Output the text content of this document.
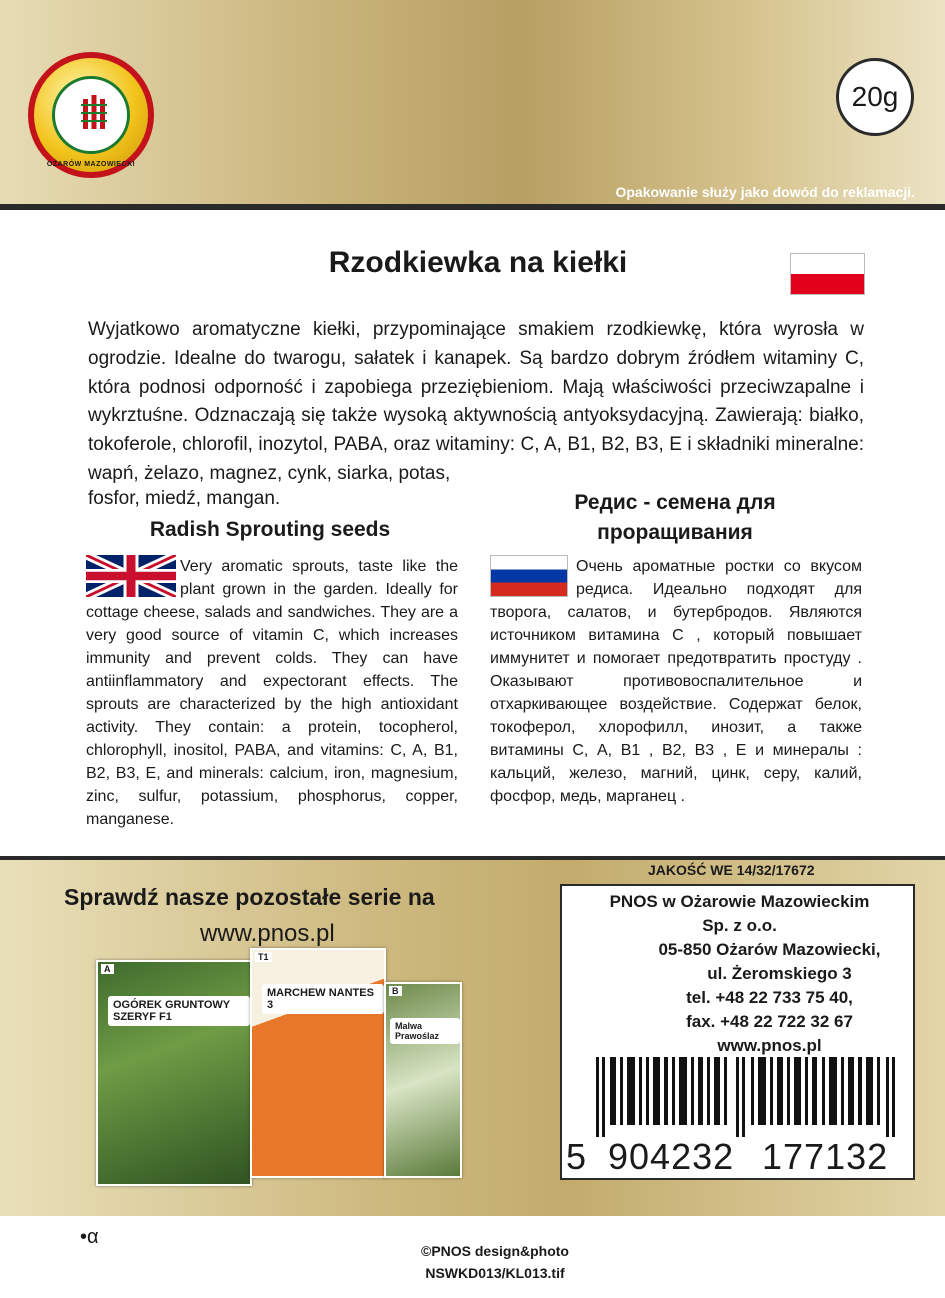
OŻARÓW MAZOWIECKI
20g
Opakowanie służy jako dowód do reklamacji.
Rzodkiewka na kiełki
Wyjatkowo aromatyczne kiełki, przypominające smakiem rzodkiewkę, która wyrosła w ogrodzie. Idealne do twarogu, sałatek i kanapek. Są bardzo dobrym źródłem witaminy C, która podnosi odporność i zapobiega przeziębieniom. Mają właściwości przeciwzapalne i wykrztuśne. Odznaczają się także wysoką aktywnością antyoksydacyjną. Zawierają: białko, tokoferole, chlorofil, inozytol, PABA, oraz witaminy: C, A, B1, B2, B3, E i składniki mineralne: wapń, żelazo, magnez, cynk, siarka, potas,
fosfor, miedź, mangan.
Radish Sprouting seeds
Very aromatic sprouts, taste like the plant grown in the garden. Ideally for cottage cheese, salads and sandwiches. They are a very good source of vitamin C, which increases immunity and prevent colds. They can have antiinflammatory and expectorant effects. The sprouts are characterized by the high antioxidant activity. They contain: a protein, tocopherol, chlorophyll, inositol, PABA, and vitamins: C, A, B1, B2, B3, E, and minerals: calcium, iron, magnesium, zinc, sulfur, potassium, phosphorus, copper, manganese.
Редис - семена для проращивания
Очень ароматные ростки со вкусом редиса. Идеально подходят для творога, салатов, и бутербродов. Являются источником витамина С , который повышает иммунитет и помогает предотвратить простуду . Оказывают противовоспалительное и отхаркивающее воздействие. Содержат белок, токоферол, хлорофилл, инозит, а также витамины С, А, В1 , В2, В3 , Е и минералы : кальций, железо, магний, цинк, серу, калий, фосфор, медь, марганец .
JAKOŚĆ WE 14/32/17672
Sprawdź nasze pozostałe serie na
www.pnos.pl
A
OGÓREK GRUNTOWY SZERYF F1
T1
MARCHEW NANTES 3
B
Malwa Prawoślaz
PNOS w Ożarowie Mazowieckim
Sp. z o.o.
05-850 Ożarów Mazowiecki,
ul. Żeromskiego 3
tel. +48 22 733 75 40,
fax. +48 22 722 32 67
www.pnos.pl
5 904232 177132
•α
©PNOS design&photo
NSWKD013/KL013.tif
